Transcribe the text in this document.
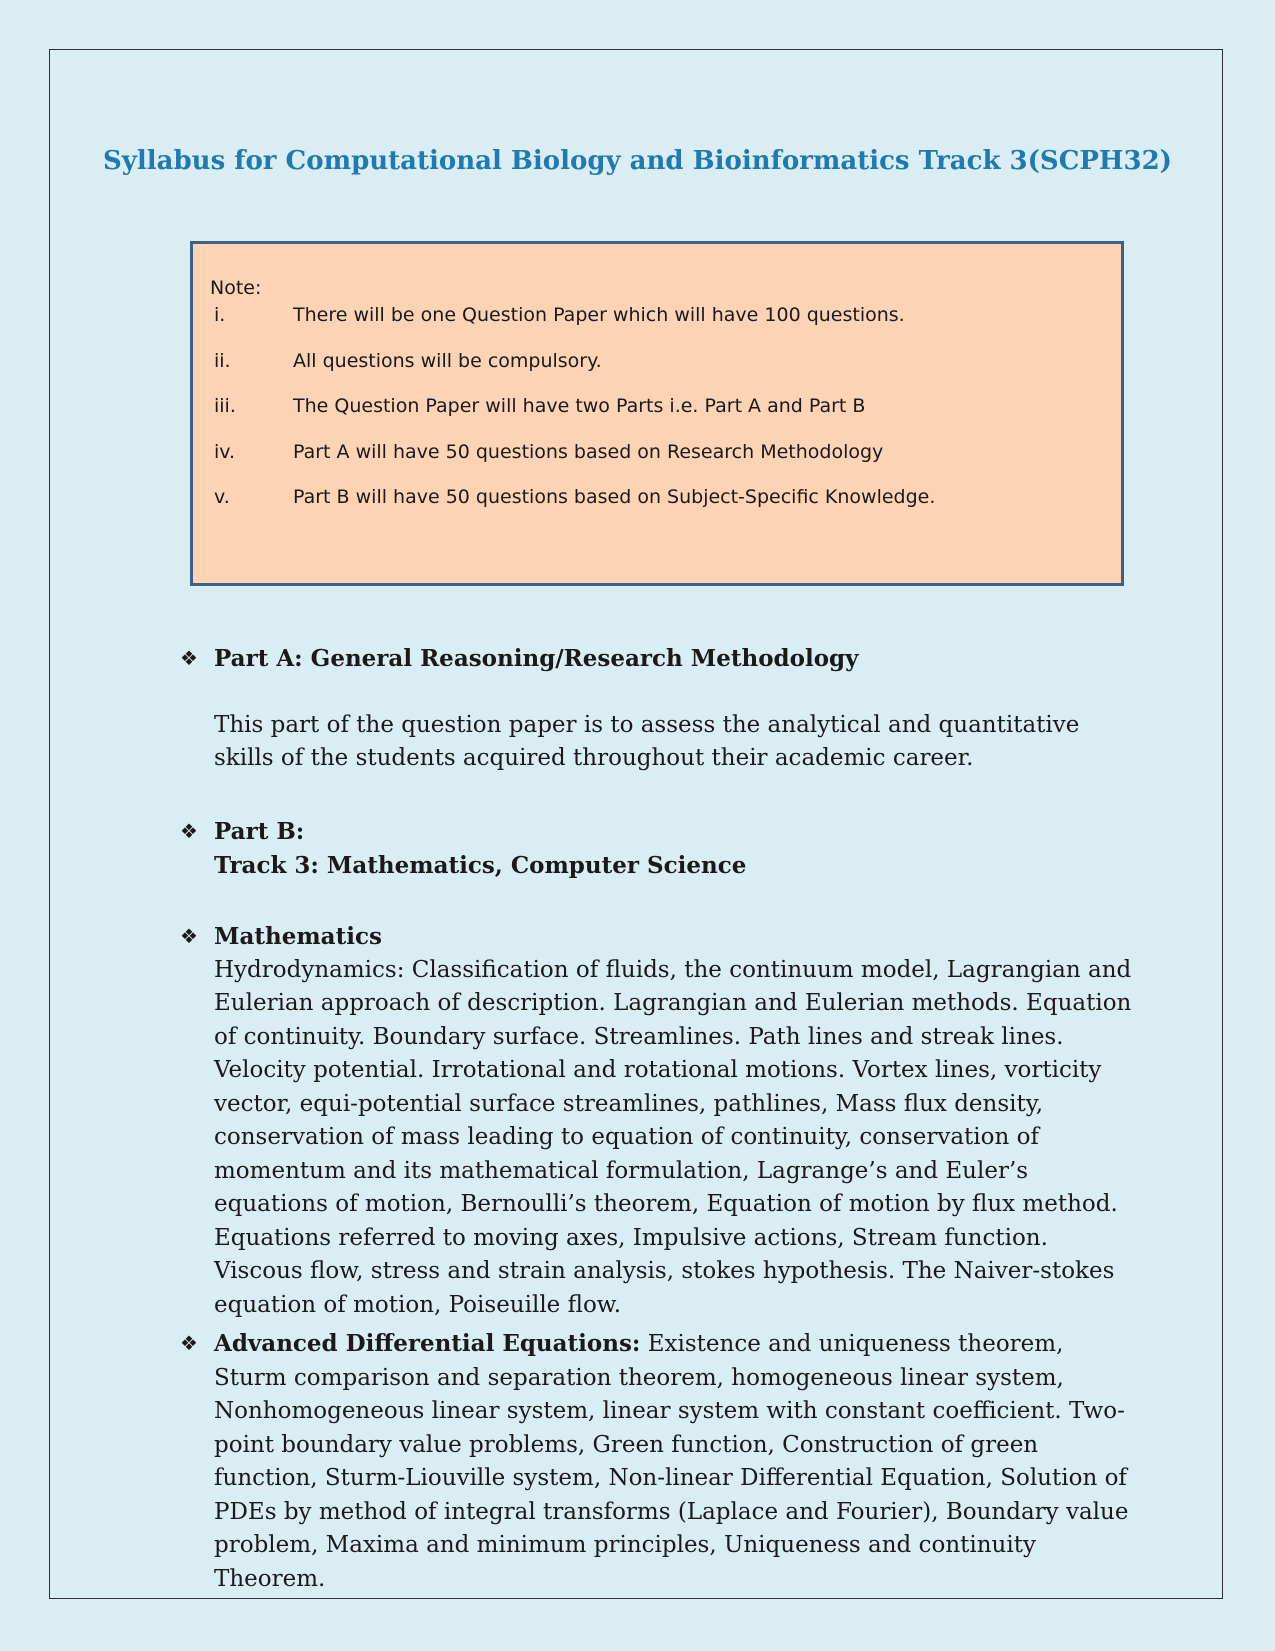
Syllabus for Computational Biology and Bioinformatics Track 3(SCPH32)
Note:
i.	There will be one Question Paper which will have 100 questions.
ii.	All questions will be compulsory.
iii.	The Question Paper will have two Parts i.e. Part A and Part B
iv.	Part A will have 50 questions based on Research Methodology
v.	Part B will have 50 questions based on Subject-Specific Knowledge.
❖ Part A: General Reasoning/Research Methodology

This part of the question paper is to assess the analytical and quantitative skills of the students acquired throughout their academic career.

❖ Part B:
Track 3: Mathematics, Computer Science
❖ Mathematics

Hydrodynamics: Classification of fluids, the continuum model, Lagrangian and Eulerian approach of description. Lagrangian and Eulerian methods. Equation of continuity. Boundary surface. Streamlines. Path lines and streak lines. Velocity potential. Irrotational and rotational motions. Vortex lines, vorticity vector, equi-potential surface streamlines, pathlines, Mass flux density, conservation of mass leading to equation of continuity, conservation of momentum and its mathematical formulation, Lagrange’s and Euler’s equations of motion, Bernoulli’s theorem, Equation of motion by flux method. Equations referred to moving axes, Impulsive actions, Stream function. Viscous flow, stress and strain analysis, stokes hypothesis. The Naiver-stokes equation of motion, Poiseuille flow.

❖ Advanced Differential Equations: Existence and uniqueness theorem, Sturm comparison and separation theorem, homogeneous linear system, Nonhomogeneous linear system, linear system with constant coefficient. Two-point boundary value problems, Green function, Construction of green function, Sturm-Liouville system, Non-linear Differential Equation, Solution of PDEs by method of integral transforms (Laplace and Fourier), Boundary value problem, Maxima and minimum principles, Uniqueness and continuity Theorem.
